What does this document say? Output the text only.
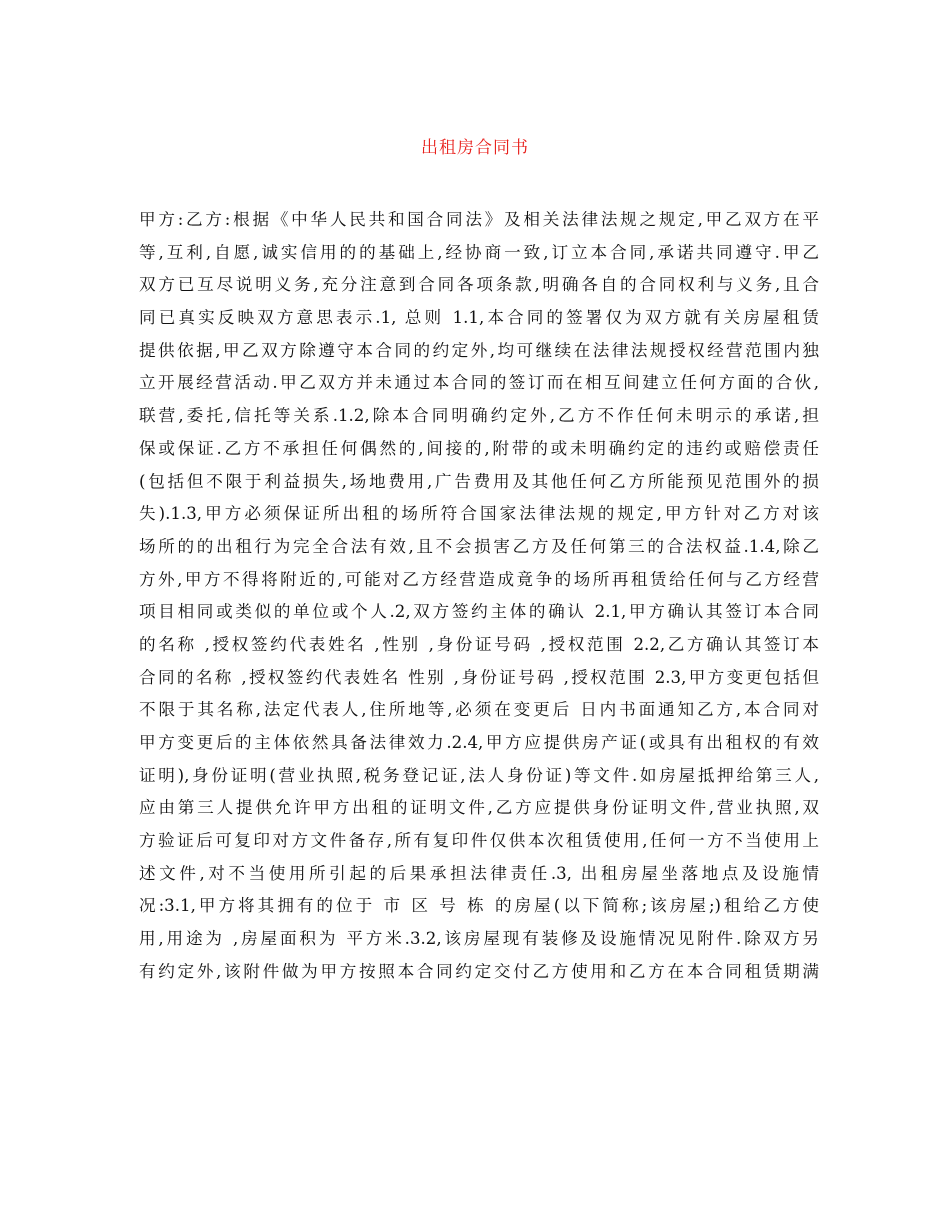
出租房合同书
甲方:乙方:根据《中华人民共和国合同法》及相关法律法规之规定,甲乙双方在平
等,互利,自愿,诚实信用的的基础上,经协商一致,订立本合同,承诺共同遵守.甲乙
双方已互尽说明义务,充分注意到合同各项条款,明确各自的合同权利与义务,且合
同已真实反映双方意思表示.1, 总则 1.1,本合同的签署仅为双方就有关房屋租赁
提供依据,甲乙双方除遵守本合同的约定外,均可继续在法律法规授权经营范围内独
立开展经营活动.甲乙双方并未通过本合同的签订而在相互间建立任何方面的合伙,
联营,委托,信托等关系.1.2,除本合同明确约定外,乙方不作任何未明示的承诺,担
保或保证.乙方不承担任何偶然的,间接的,附带的或未明确约定的违约或赔偿责任
(包括但不限于利益损失,场地费用,广告费用及其他任何乙方所能预见范围外的损
失).1.3,甲方必须保证所出租的场所符合国家法律法规的规定,甲方针对乙方对该
场所的的出租行为完全合法有效,且不会损害乙方及任何第三的合法权益.1.4,除乙
方外,甲方不得将附近的,可能对乙方经营造成竟争的场所再租赁给任何与乙方经营
项目相同或类似的单位或个人.2,双方签约主体的确认 2.1,甲方确认其签订本合同
的名称 ,授权签约代表姓名 ,性别 ,身份证号码 ,授权范围 2.2,乙方确认其签订本
合同的名称 ,授权签约代表姓名 性别 ,身份证号码 ,授权范围 2.3,甲方变更包括但
不限于其名称,法定代表人,住所地等,必须在变更后 日内书面通知乙方,本合同对
甲方变更后的主体依然具备法律效力.2.4,甲方应提供房产证(或具有出租权的有效
证明),身份证明(营业执照,税务登记证,法人身份证)等文件.如房屋抵押给第三人,
应由第三人提供允许甲方出租的证明文件,乙方应提供身份证明文件,营业执照,双
方验证后可复印对方文件备存,所有复印件仅供本次租赁使用,任何一方不当使用上
述文件,对不当使用所引起的后果承担法律责任.3, 出租房屋坐落地点及设施情
况:3.1,甲方将其拥有的位于 市 区 号 栋 的房屋(以下简称;该房屋;)租给乙方使
用,用途为 ,房屋面积为 平方米.3.2,该房屋现有装修及设施情况见附件.除双方另
有约定外,该附件做为甲方按照本合同约定交付乙方使用和乙方在本合同租赁期满
